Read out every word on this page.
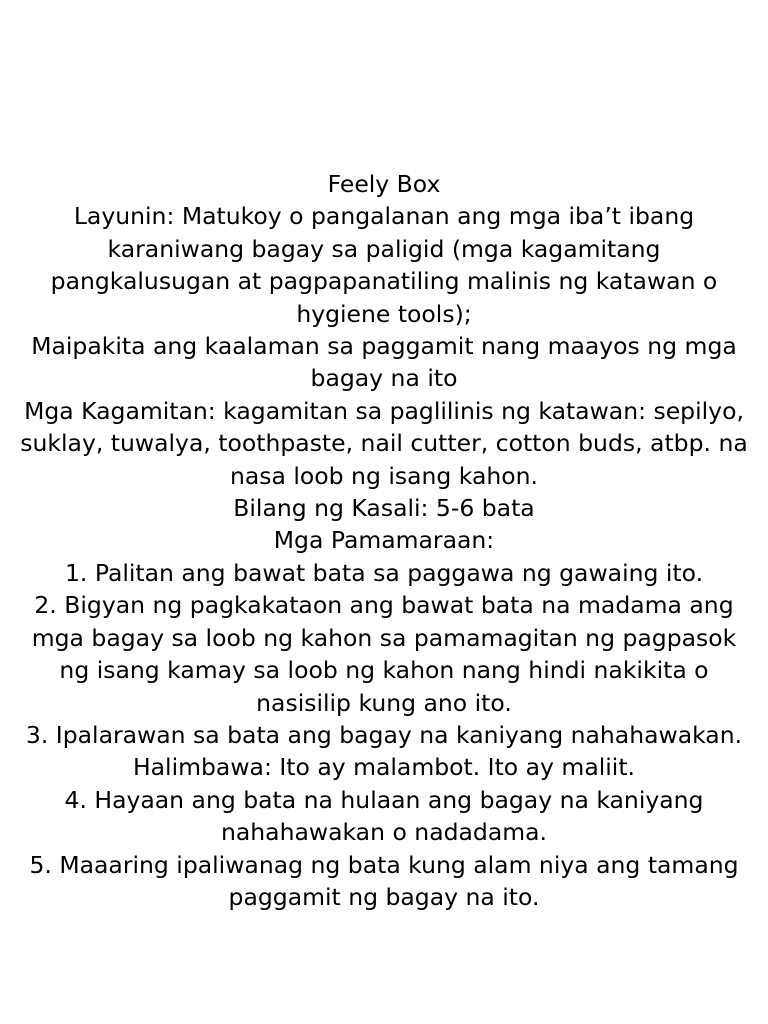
Feely Box

Layunin: Matukoy o pangalanan ang mga iba’t ibang karaniwang bagay sa paligid (mga kagamitang pangkalusugan at pagpapanatiling malinis ng katawan o hygiene tools);

Maipakita ang kaalaman sa paggamit nang maayos ng mga bagay na ito

Mga Kagamitan: kagamitan sa paglilinis ng katawan: sepilyo, suklay, tuwalya, toothpaste, nail cutter, cotton buds, atbp. na nasa loob ng isang kahon.

Bilang ng Kasali: 5-6 bata

Mga Pamamaraan:

1. Palitan ang bawat bata sa paggawa ng gawaing ito.

2. Bigyan ng pagkakataon ang bawat bata na madama ang mga bagay sa loob ng kahon sa pamamagitan ng pagpasok ng isang kamay sa loob ng kahon nang hindi nakikita o nasisilip kung ano ito.

3. Ipalarawan sa bata ang bagay na kaniyang nahahawakan. Halimbawa: Ito ay malambot. Ito ay maliit.

4. Hayaan ang bata na hulaan ang bagay na kaniyang nahahawakan o nadadama.

5. Maaaring ipaliwanag ng bata kung alam niya ang tamang paggamit ng bagay na ito.
